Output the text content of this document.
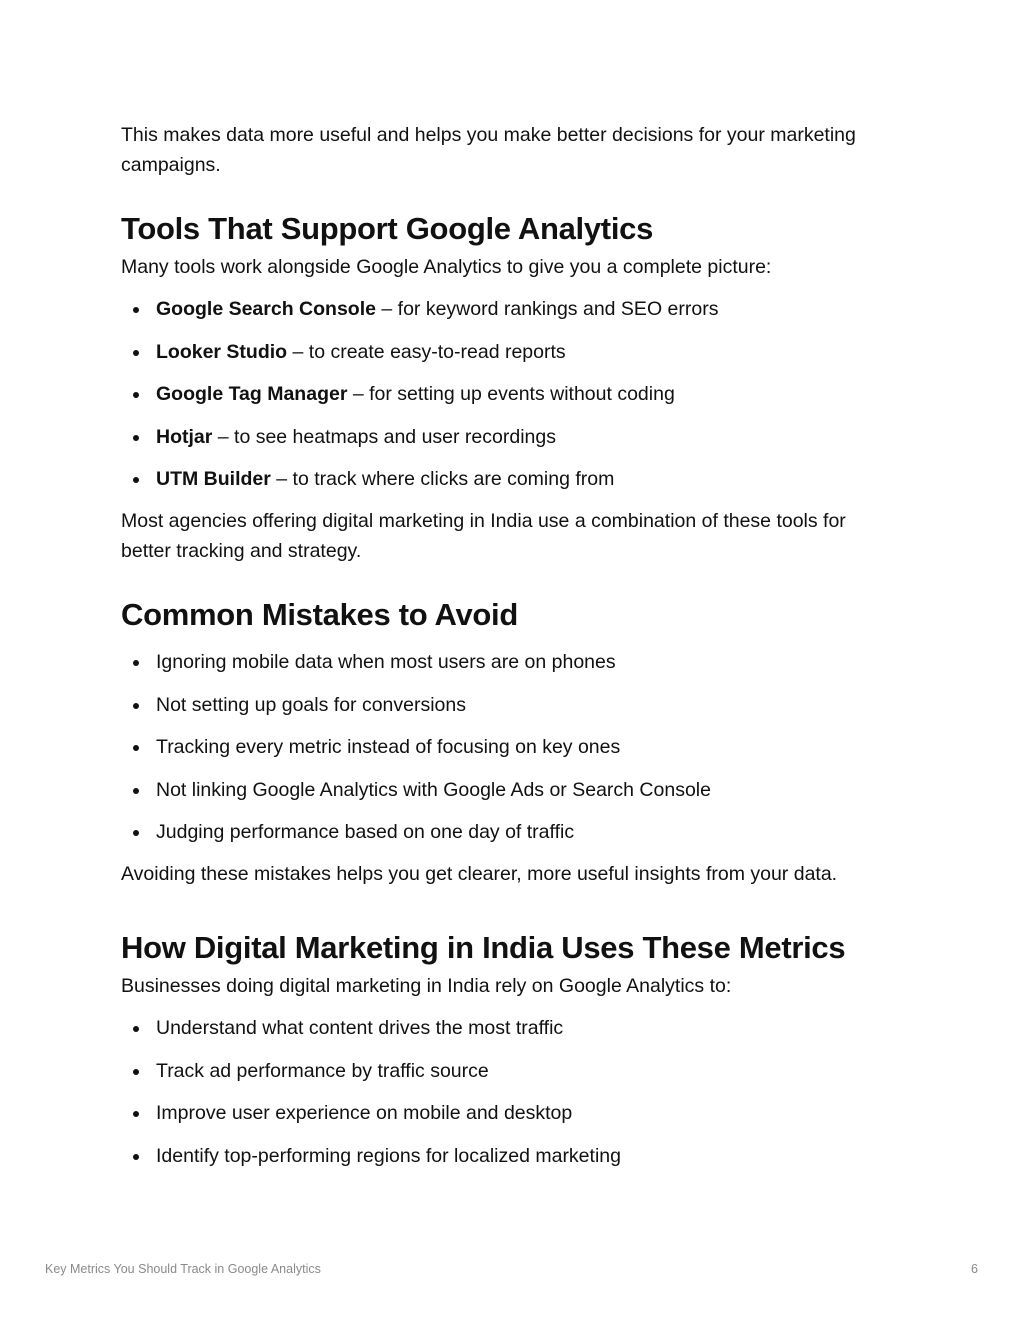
This makes data more useful and helps you make better decisions for your marketing campaigns.

Tools That Support Google Analytics

Many tools work alongside Google Analytics to give you a complete picture:

Google Search Console – for keyword rankings and SEO errors
Looker Studio – to create easy-to-read reports
Google Tag Manager – for setting up events without coding
Hotjar – to see heatmaps and user recordings
UTM Builder – to track where clicks are coming from

Most agencies offering digital marketing in India use a combination of these tools for better tracking and strategy.

Common Mistakes to Avoid
Ignoring mobile data when most users are on phones
Not setting up goals for conversions
Tracking every metric instead of focusing on key ones
Not linking Google Analytics with Google Ads or Search Console
Judging performance based on one day of traffic

Avoiding these mistakes helps you get clearer, more useful insights from your data.

How Digital Marketing in India Uses These Metrics

Businesses doing digital marketing in India rely on Google Analytics to:

Understand what content drives the most traffic
Track ad performance by traffic source
Improve user experience on mobile and desktop
Identify top-performing regions for localized marketing
Key Metrics You Should Track in Google Analytics	6
